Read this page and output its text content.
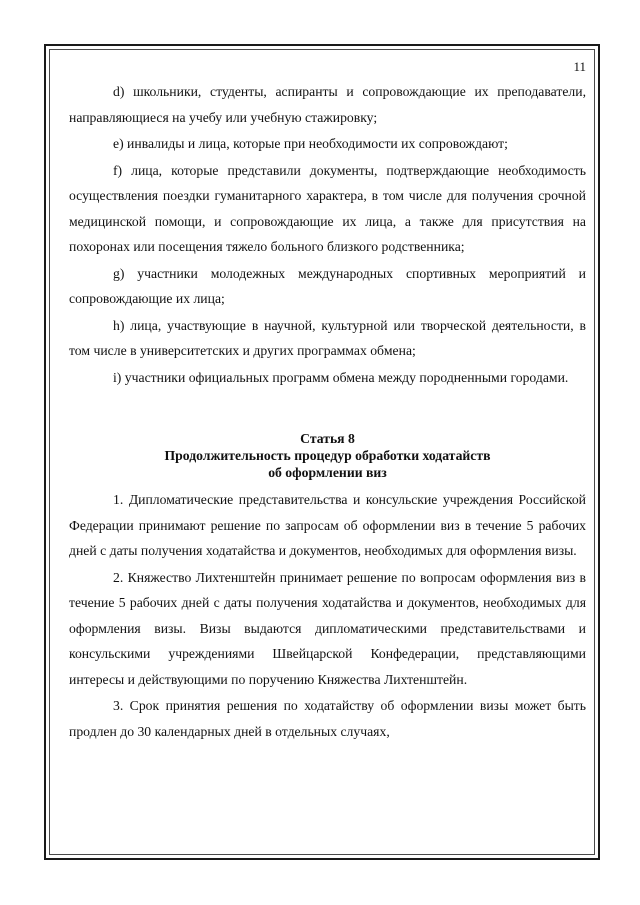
11

d) школьники, студенты, аспиранты и сопровождающие их преподаватели, направляющиеся на учебу или учебную стажировку;

e) инвалиды и лица, которые при необходимости их сопровождают;

f) лица, которые представили документы, подтверждающие необходимость осуществления поездки гуманитарного характера, в том числе для получения срочной медицинской помощи, и сопровождающие их лица, а также для присутствия на похоронах или посещения тяжело больного близкого родственника;

g) участники молодежных международных спортивных мероприятий и сопровождающие их лица;

h) лица, участвующие в научной, культурной или творческой деятельности, в том числе в университетских и других программах обмена;

i) участники официальных программ обмена между породненными городами.

Статья 8

Продолжительность процедур обработки ходатайств

об оформлении виз

1. Дипломатические представительства и консульские учреждения Российской Федерации принимают решение по запросам об оформлении виз в течение 5 рабочих дней с даты получения ходатайства и документов, необходимых для оформления визы.

2. Княжество Лихтенштейн принимает решение по вопросам оформления виз в течение 5 рабочих дней с даты получения ходатайства и документов, необходимых для оформления визы. Визы выдаются дипломатическими представительствами и консульскими учреждениями Швейцарской Конфедерации, представляющими интересы и действующими по поручению Княжества Лихтенштейн.

3. Срок принятия решения по ходатайству об оформлении визы может быть продлен до 30 календарных дней в отдельных случаях,
